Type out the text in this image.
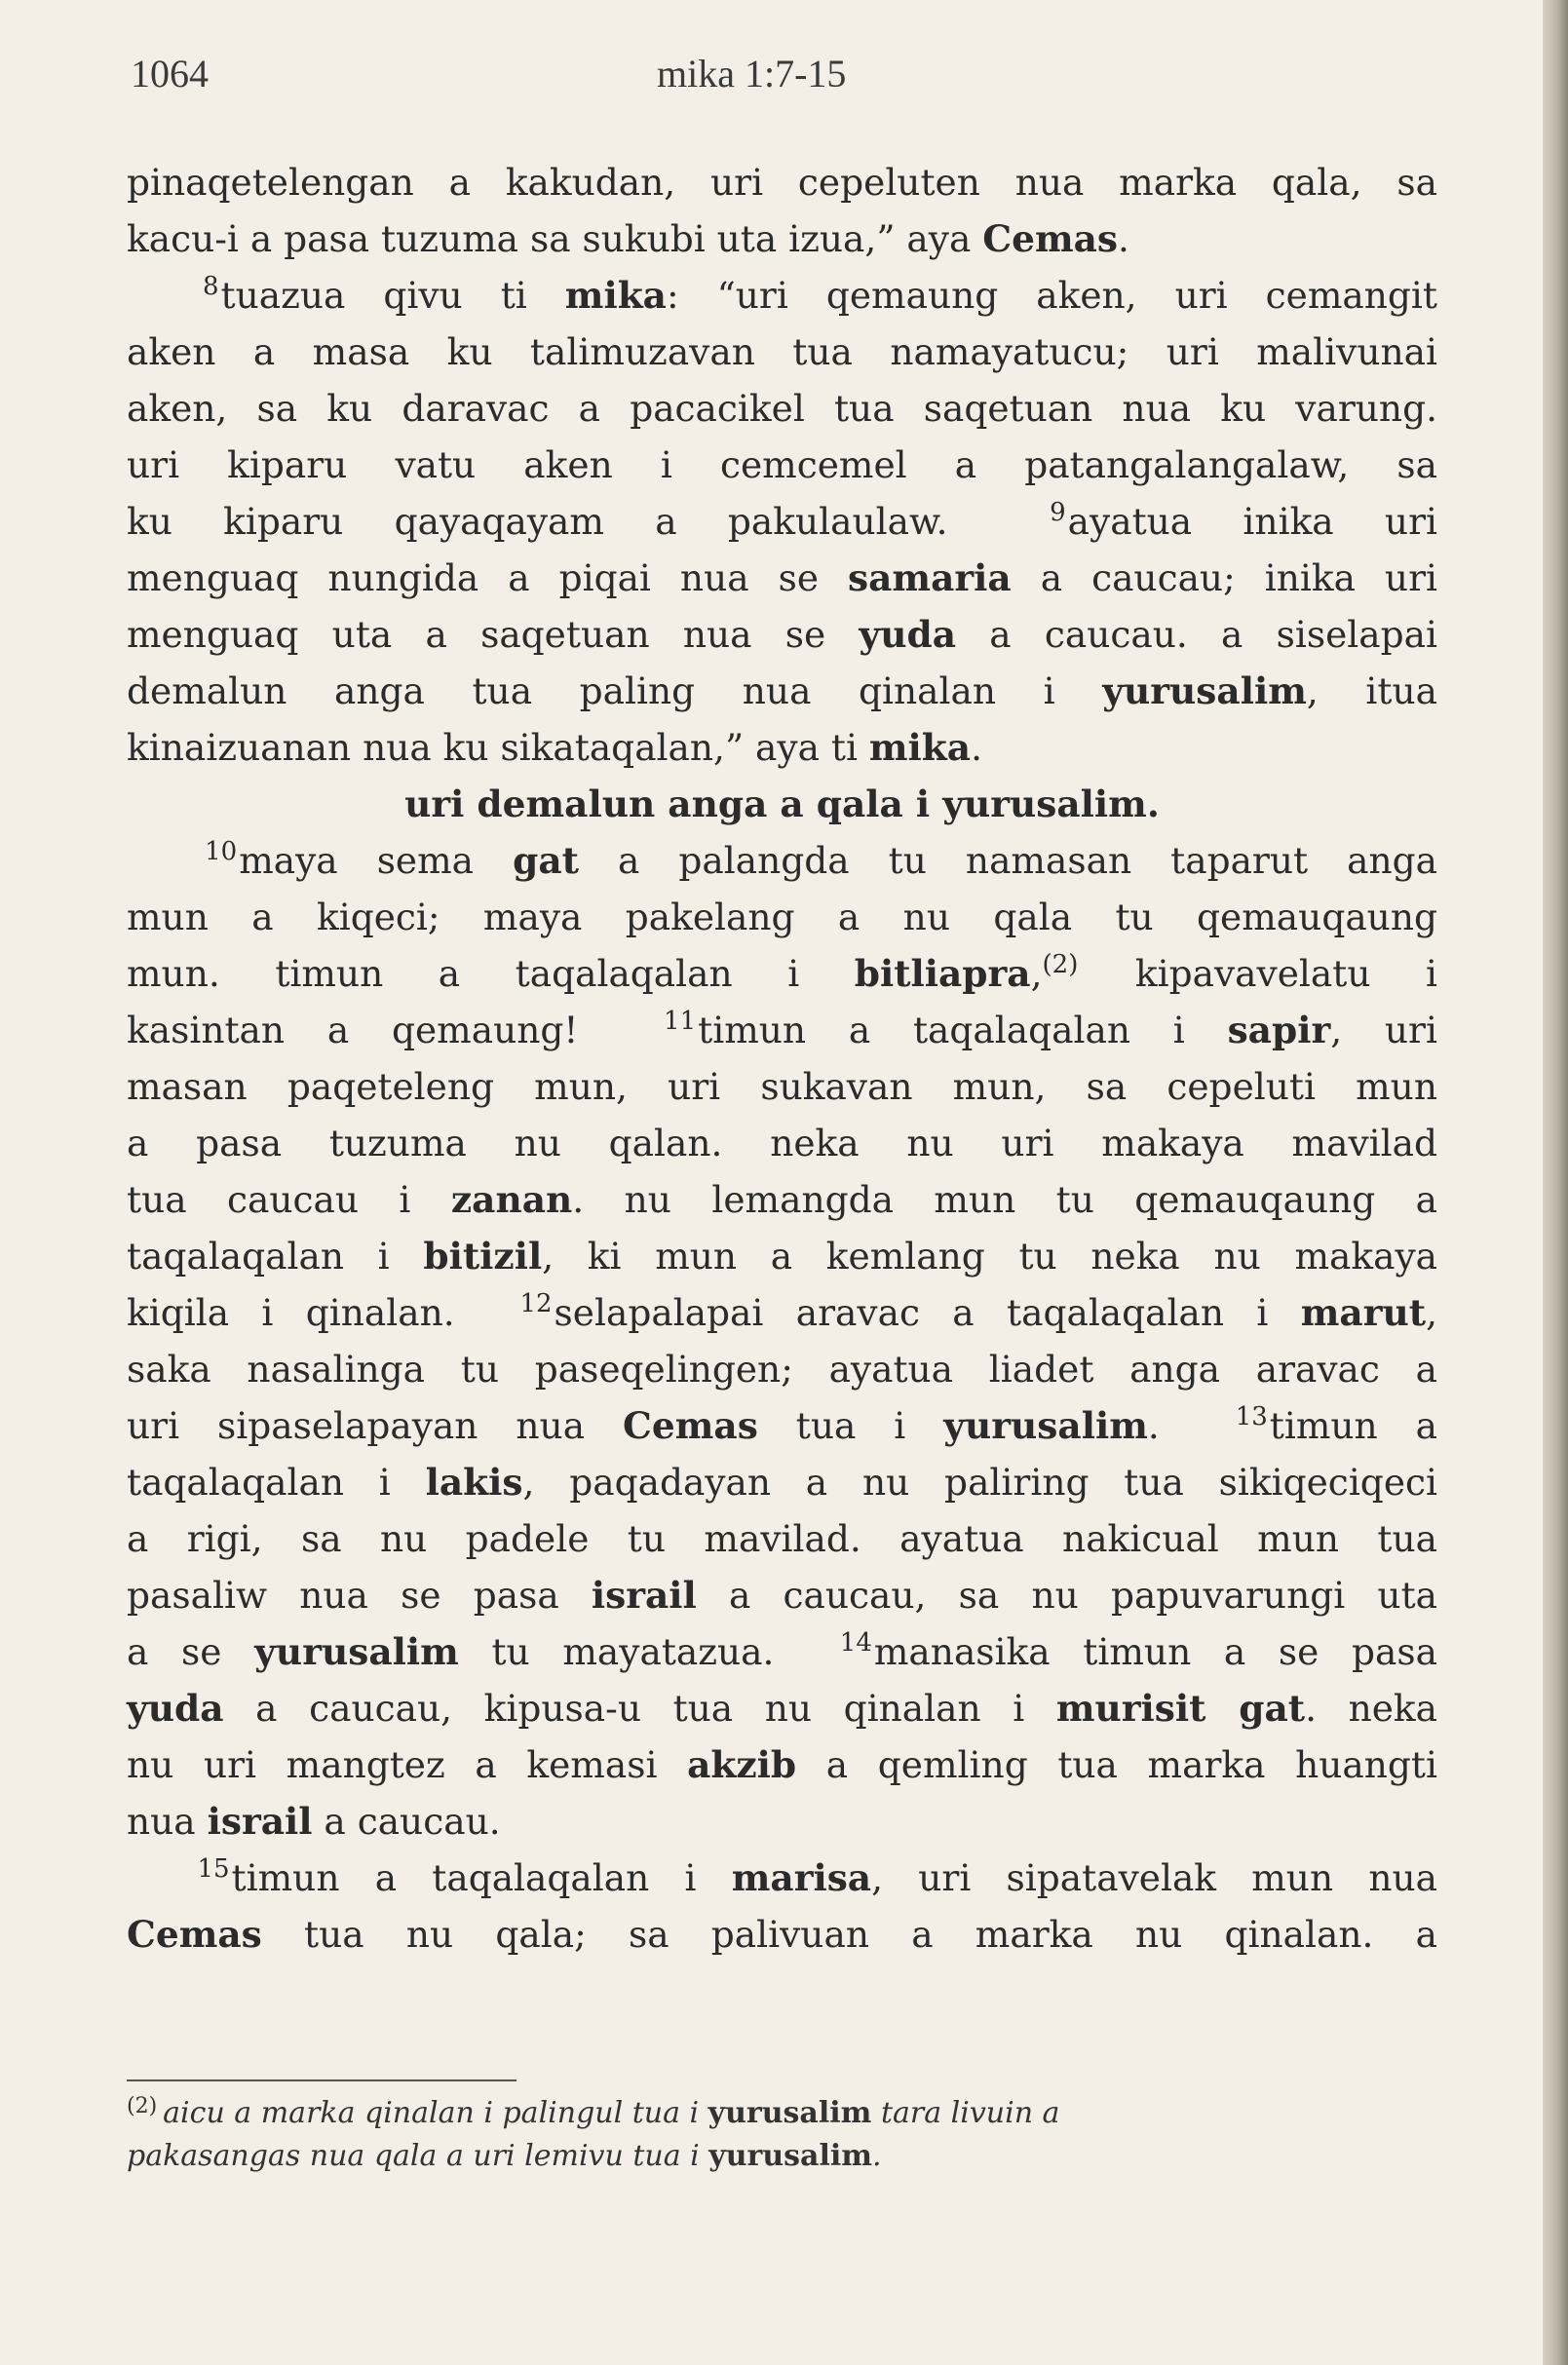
1064	mika 1:7-15
pinaqetelengan a kakudan, uri cepeluten nua marka qala, sa
kacu-i a pasa tuzuma sa sukubi uta izua,” aya Cemas.
$^8$tuazua qivu ti mika: “uri qemaung aken, uri cemangit
aken a masa ku talimuzavan tua namayatucu; uri malivunai
aken, sa ku daravac a pacacikel tua saqetuan nua ku varung.
uri kiparu vatu aken i cemcemel a patangalangalaw, sa
ku kiparu qayaqayam a pakulaulaw.	$^9$ayatua inika uri
menguaq nungida a piqai nua se samaria a caucau; inika uri
menguaq uta a saqetuan nua se yuda a caucau. a siselapai
demalun anga tua paling nua qinalan i yurusalim, itua
kinaizuanan nua ku sikataqalan,” aya ti mika.

uri demalun anga a qala i yurusalim.

$^{10}$maya sema gat a palangda tu namasan taparut anga
mun a kiqeci; maya pakelang a nu qala tu qemauqaung
mun. timun a taqalaqalan i bitliapra,$^{(2)}$ kipavavelatu i
kasintan a qemaung!	$^{11}$timun a taqalaqalan i sapir, uri
masan paqeteleng mun, uri sukavan mun, sa cepeluti mun
a pasa tuzuma nu qalan. neka nu uri makaya mavilad
tua caucau i zanan. nu lemangda mun tu qemauqaung a
taqalaqalan i bitizil, ki mun a kemlang tu neka nu makaya
kiqila i qinalan.	$^{12}$selapalapai aravac a taqalaqalan i marut,
saka nasalinga tu paseqelingen; ayatua liadet anga aravac a
uri sipaselapayan nua Cemas tua i yurusalim.	$^{13}$timun a
taqalaqalan i lakis, paqadayan a nu paliring tua sikiqeciqeci
a rigi, sa nu padele tu mavilad. ayatua nakicual mun tua
pasaliw nua se pasa israil a caucau, sa nu papuvarungi uta
a se yurusalim tu mayatazua.	$^{14}$manasika timun a se pasa
yuda a caucau, kipusa-u tua nu qinalan i murisit gat. neka
nu uri mangtez a kemasi akzib a qemling tua marka huangti
nua israil a caucau.
$^{15}$timun a taqalaqalan i marisa, uri sipatavelak mun nua
Cemas tua nu qala; sa palivuan a marka nu qinalan. a
$^{(2)}$ aicu a marka qinalan i palingul tua i yurusalim tara livuin a
pakasangas nua qala a uri lemivu tua i yurusalim.
